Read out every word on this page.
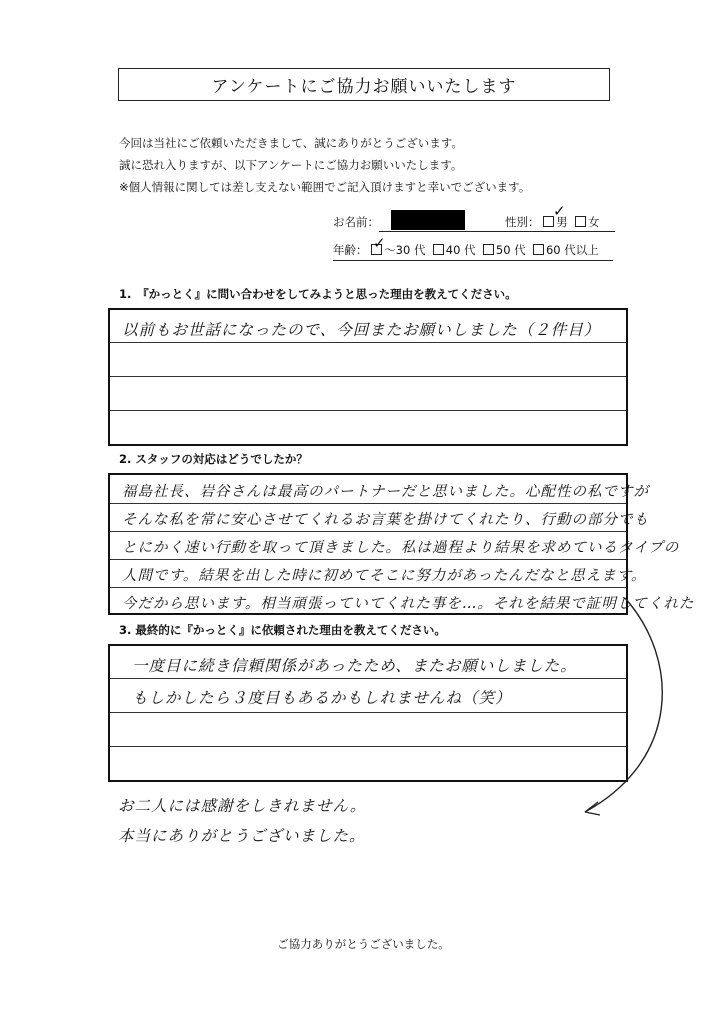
アンケートにご協力お願いいたします
今回は当社にご依頼いただきまして、誠にありがとうございます。
誠に恐れ入りますが、以下アンケートにご協力お願いいたします。
※個人情報に関しては差し支えない範囲でご記入頂けますと幸いでございます。
お名前：	性別： 男 女
✓
年齢： ～30 代 40 代 50 代 60 代以上
✓
1.　『かっとく』に問い合わせをしてみようと思った理由を教えてください。
以前もお世話になったので、今回またお願いしました（２件目）
2. スタッフの対応はどうでしたか？
福島社長、岩谷さんは最高のパートナーだと思いました。心配性の私ですが
そんな私を常に安心させてくれるお言葉を掛けてくれたり、行動の部分でも
とにかく速い行動を取って頂きました。私は過程より結果を求めているタイプの
人間です。結果を出した時に初めてそこに努力があったんだなと思えます。
今だから思います。相当頑張っていてくれた事を…。それを結果で証明してくれた
3. 最終的に『かっとく』に依頼された理由を教えてください。
一度目に続き信頼関係があったため、またお願いしました。
もしかしたら３度目もあるかもしれませんね（笑）
お二人には感謝をしきれません。
本当にありがとうございました。
ご協力ありがとうございました。
